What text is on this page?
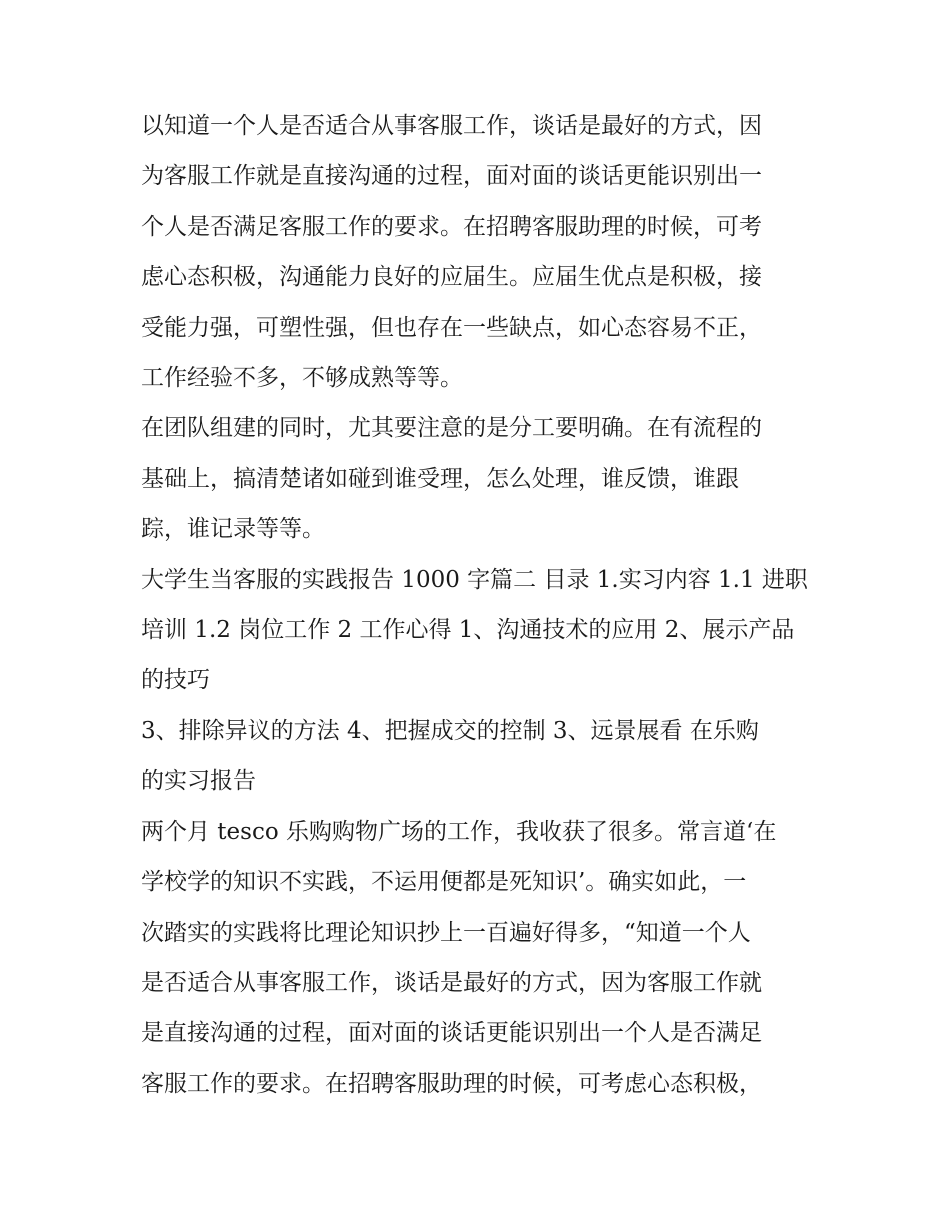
以知道一个人是否适合从事客服工作，谈话是最好的方式，因
为客服工作就是直接沟通的过程，面对面的谈话更能识别出一
个人是否满足客服工作的要求。在招聘客服助理的时候，可考
虑心态积极，沟通能力良好的应届生。应届生优点是积极，接
受能力强，可塑性强，但也存在一些缺点，如心态容易不正，
工作经验不多，不够成熟等等。

在团队组建的同时，尤其要注意的是分工要明确。在有流程的
基础上，搞清楚诸如碰到谁受理，怎么处理，谁反馈，谁跟
踪，谁记录等等。

大学生当客服的实践报告 1000 字篇二 目录 1.实习内容 1.1 进职
培训 1.2 岗位工作 2 工作心得 1、沟通技术的应用 2、展示产品
的技巧

3、排除异议的方法 4、把握成交的控制 3、远景展看 在乐购
的实习报告

两个月 tesco 乐购购物广场的工作，我收获了很多。常言道‘在
学校学的知识不实践，不运用便都是死知识’。确实如此，一
次踏实的实践将比理论知识抄上一百遍好得多，“知道一个人
是否适合从事客服工作，谈话是最好的方式，因为客服工作就
是直接沟通的过程，面对面的谈话更能识别出一个人是否满足
客服工作的要求。在招聘客服助理的时候，可考虑心态积极，
